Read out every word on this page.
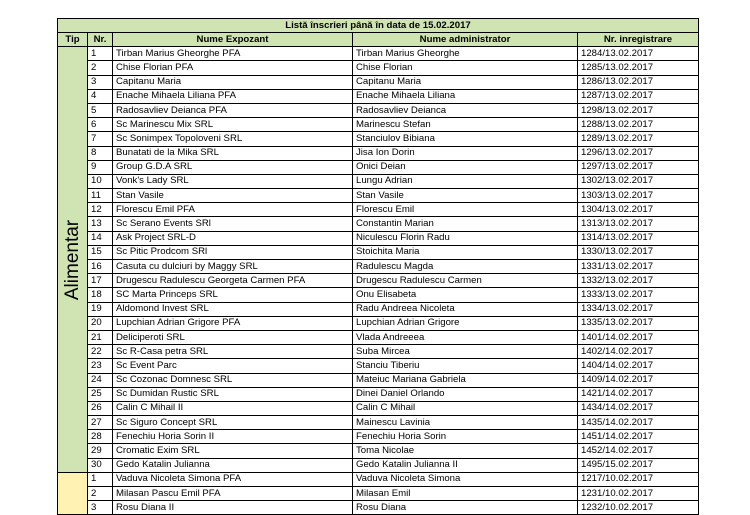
Listă înscrieri până în data de 15.02.2017				
Tip	Nr.	Nume Expozant	Nume administrator	Nr. inregistrare

Alimentar	1	Tirban Marius Gheorghe PFA	Tirban Marius Gheorghe	1284/13.02.2017
	2	Chise Florian PFA	Chise Florian	1285/13.02.2017
	3	Capitanu Maria	Capitanu Maria	1286/13.02.2017
	4	Enache Mihaela Liliana PFA	Enache Mihaela Liliana	1287/13.02.2017
	5	Radosavliev Deianca PFA	Radosavliev Deianca	1298/13.02.2017
	6	Sc Marinescu Mix SRL	Marinescu Stefan	1288/13.02.2017
	7	Sc Sonimpex Topoloveni SRL	Stanciulov Bibiana	1289/13.02.2017
	8	Bunatati de la Mika SRL	Jisa Ion Dorin	1296/13.02.2017
	9	Group G.D.A SRL	Onici Deian	1297/13.02.2017
	10	Vonk's Lady SRL	Lungu Adrian	1302/13.02.2017
	11	Stan Vasile	Stan Vasile	1303/13.02.2017
	12	Florescu Emil PFA	Florescu Emil	1304/13.02.2017
	13	Sc Serano Events SRl	Constantin Marian	1313/13.02.2017
	14	Ask Project SRL-D	Niculescu Florin Radu	1314/13.02.2017
	15	Sc Pitic Prodcom SRl	Stoichita Maria	1330/13.02.2017
	16	Casuta cu dulciuri by Maggy SRL	Radulescu Magda	1331/13.02.2017
	17	Drugescu Radulescu Georgeta Carmen PFA	Drugescu Radulescu Carmen	1332/13.02.2017
	18	SC Marta Princeps SRL	Onu Elisabeta	1333/13.02.2017
	19	Aldomond Invest SRL	Radu Andreea Nicoleta	1334/13.02.2017
	20	Lupchian Adrian Grigore PFA	Lupchian Adrian Grigore	1335/13.02.2017
	21	Deliciperoti SRL	Vlada Andreeea	1401/14.02.2017
	22	Sc R-Casa petra SRL	Suba Mircea	1402/14.02.2017
	23	Sc Event Parc	Stanciu Tiberiu	1404/14.02.2017
	24	Sc Cozonac Domnesc SRL	Mateiuc Mariana Gabriela	1409/14.02.2017
	25	Sc Dumidan Rustic SRL	Dinei Daniel Orlando	1421/14.02.2017
	26	Calin C Mihail II	Calin C Mihail	1434/14.02.2017
	27	Sc Siguro Concept SRL	Mainescu Lavinia	1435/14.02.2017
	28	Fenechiu Horia Sorin II	Fenechiu Horia Sorin	1451/14.02.2017
	29	Cromatic Exim SRL	Toma Nicolae	1452/14.02.2017
	30	Gedo Katalin Julianna	Gedo Katalin Julianna II	1495/15.02.2017

	1	Vaduva Nicoleta Simona PFA	Vaduva Nicoleta Simona	1217/10.02.2017
	2	Milasan Pascu Emil PFA	Milasan Emil	1231/10.02.2017
	3	Rosu Diana II	Rosu Diana	1232/10.02.2017
